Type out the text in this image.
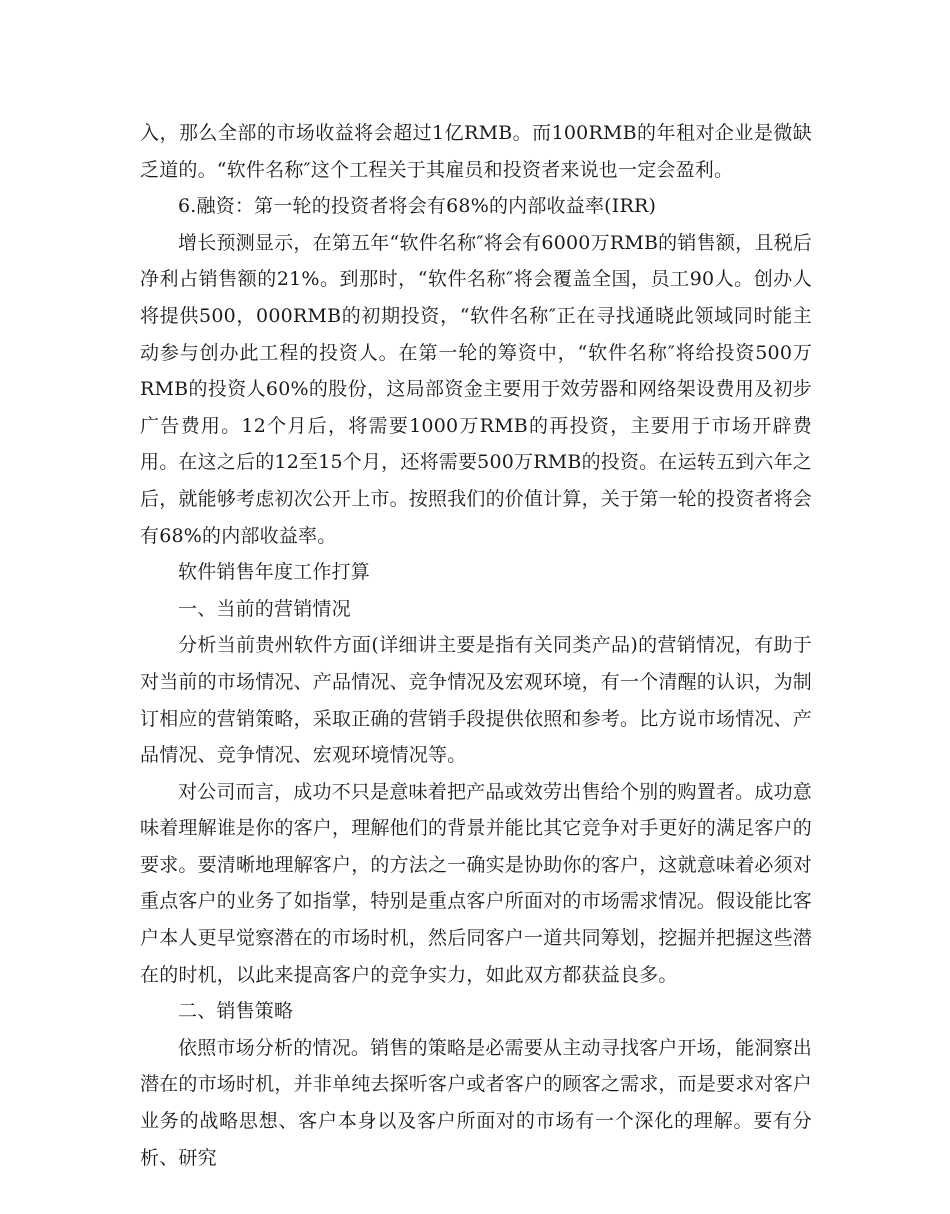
入，那么全部的市场收益将会超过1亿RMB。而100RMB的年租对企业是微缺乏道的。“软件名称″这个工程关于其雇员和投资者来说也一定会盈利。

6.融资：第一轮的投资者将会有68%的内部收益率(IRR)

增长预测显示，在第五年“软件名称″将会有6000万RMB的销售额，且税后净利占销售额的21%。到那时，“软件名称″将会覆盖全国，员工90人。创办人将提供500，000RMB的初期投资，“软件名称″正在寻找通晓此领域同时能主动参与创办此工程的投资人。在第一轮的筹资中，“软件名称″将给投资500万RMB的投资人60%的股份，这局部资金主要用于效劳器和网络架设费用及初步广告费用。12个月后，将需要1000万RMB的再投资，主要用于市场开辟费用。在这之后的12至15个月，还将需要500万RMB的投资。在运转五到六年之后，就能够考虑初次公开上市。按照我们的价值计算，关于第一轮的投资者将会有68%的内部收益率。

软件销售年度工作打算

一、当前的营销情况

分析当前贵州软件方面(详细讲主要是指有关同类产品)的营销情况，有助于对当前的市场情况、产品情况、竞争情况及宏观环境，有一个清醒的认识，为制订相应的营销策略，采取正确的营销手段提供依照和参考。比方说市场情况、产品情况、竞争情况、宏观环境情况等。

对公司而言，成功不只是意味着把产品或效劳出售给个别的购置者。成功意味着理解谁是你的客户，理解他们的背景并能比其它竞争对手更好的满足客户的要求。要清晰地理解客户，的方法之一确实是协助你的客户，这就意味着必须对重点客户的业务了如指掌，特别是重点客户所面对的市场需求情况。假设能比客户本人更早觉察潜在的市场时机，然后同客户一道共同筹划，挖掘并把握这些潜在的时机，以此来提高客户的竞争实力，如此双方都获益良多。

二、销售策略

依照市场分析的情况。销售的策略是必需要从主动寻找客户开场，能洞察出潜在的市场时机，并非单纯去探听客户或者客户的顾客之需求，而是要求对客户业务的战略思想、客户本身以及客户所面对的市场有一个深化的理解。要有分析、研究
